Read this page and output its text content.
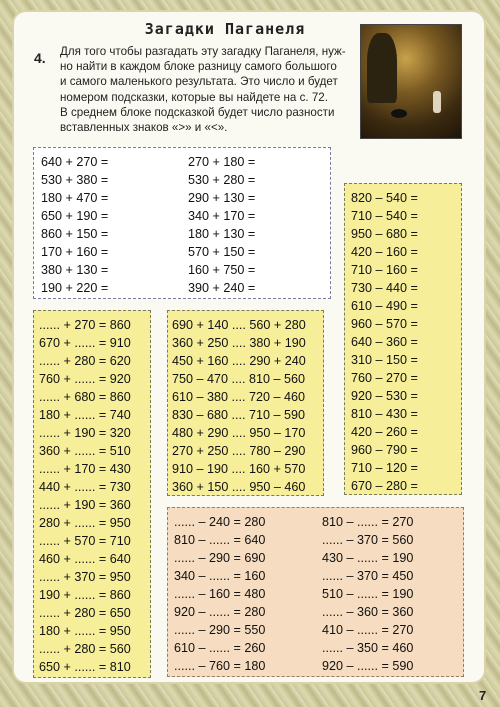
Загадки Паганеля
4. Для того чтобы разгадать эту загадку Паганеля, нуж-
но найти в каждом блоке разницу самого большого
и самого маленького результата. Это число и будет
номером подсказки, которые вы найдете на с. 72.
В среднем блоке подсказкой будет число разности
вставленных знаков «>» и «<».
640 + 270 =
530 + 380 =
180 + 470 =
650 + 190 =
860 + 150 =
170 + 160 =
380 + 130 =
190 + 220 =
270 + 180 =
530 + 280 =
290 + 130 =
340 + 170 =
180 + 130 =
570 + 150 =
160 + 750 =
390 + 240 =
...... + 270 = 860
670 + ...... = 910
...... + 280 = 620
760 + ...... = 920
...... + 680 = 860
180 + ...... = 740
...... + 190 = 320
360 + ...... = 510
...... + 170 = 430
440 + ...... = 730
...... + 190 = 360
280 + ...... = 950
...... + 570 = 710
460 + ...... = 640
...... + 370 = 950
190 + ...... = 860
...... + 280 = 650
180 + ...... = 950
...... + 280 = 560
650 + ...... = 810
690 + 140 .... 560 + 280
360 + 250 .... 380 + 190
450 + 160 .... 290 + 240
750 – 470 .... 810 – 560
610 – 380 .... 720 – 460
830 – 680 .... 710 – 590
480 + 290 .... 950 – 170
270 + 250 .... 780 – 290
910 – 190 .... 160 + 570
360 + 150 .... 950 – 460
820 – 540 =
710 – 540 =
950 – 680 =
420 – 160 =
710 – 160 =
730 – 440 =
610 – 490 =
960 – 570 =
640 – 360 =
310 – 150 =
760 – 270 =
920 – 530 =
810 – 430 =
420 – 260 =
960 – 790 =
710 – 120 =
670 – 280 =
...... – 240 = 280
810 – ...... = 640
...... – 290 = 690
340 – ...... = 160
...... – 160 = 480
920 – ...... = 280
...... – 290 = 550
610 – ...... = 260
...... – 760 = 180
810 – ...... = 270
...... – 370 = 560
430 – ...... = 190
...... – 370 = 450
510 – ...... = 190
...... – 360 = 360
410 – ...... = 270
...... – 350 = 460
920 – ...... = 590
7
